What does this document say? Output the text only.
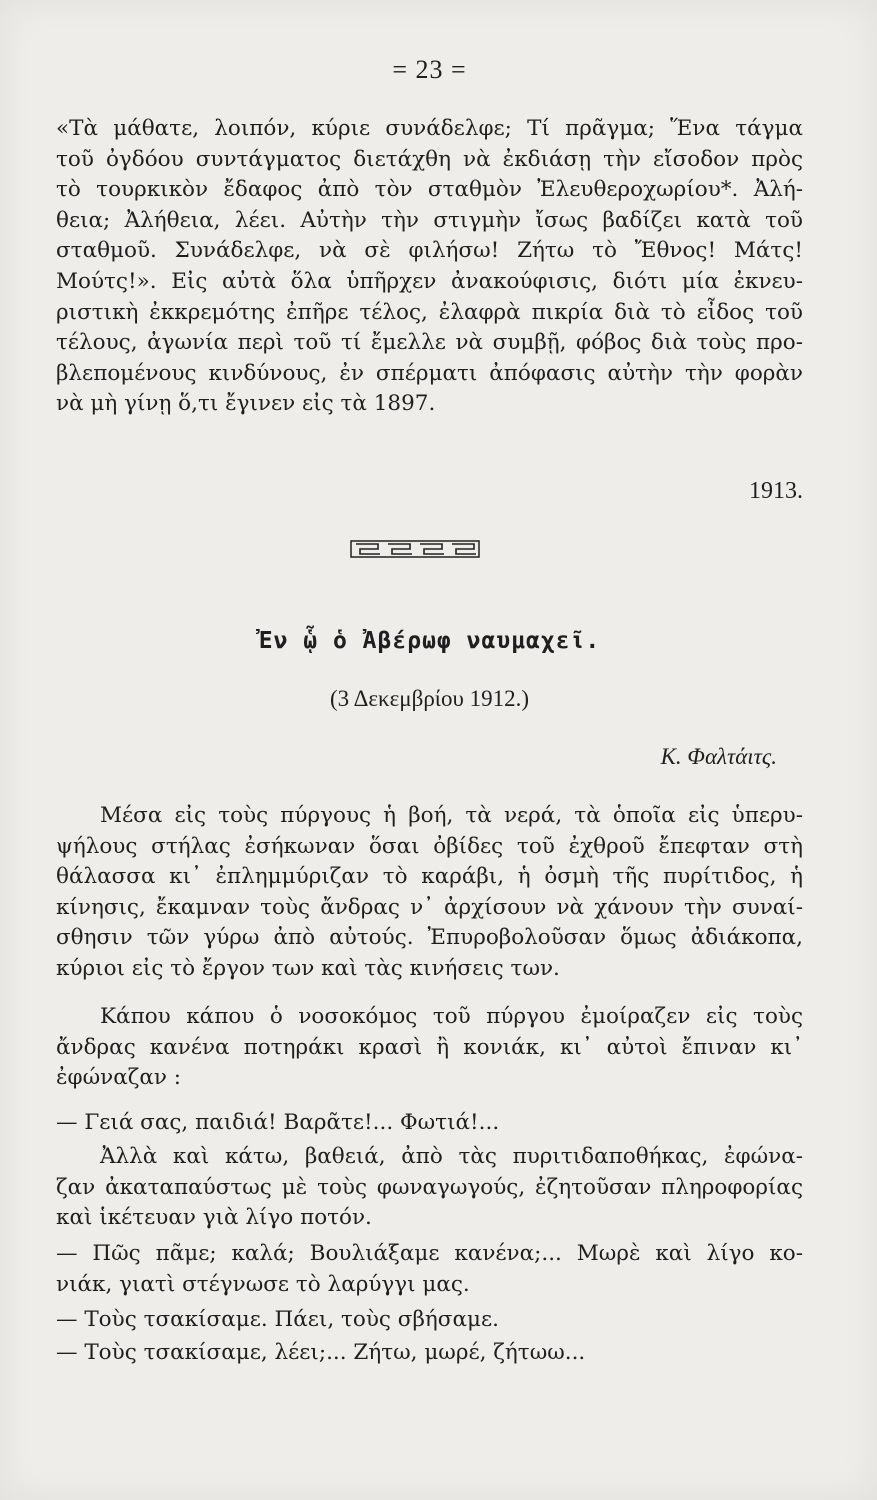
= 23 =
«Τὰ μάθατε, λοιπόν, κύριε συνάδελφε; Τί πρᾶγμα; Ἕνα τάγμα
τοῦ ὀγδόου συντάγματος διετάχθη νὰ ἐκδιάσῃ τὴν εἴσοδον πρὸς
τὸ τουρκικὸν ἔδαφος ἀπὸ τὸν σταθμὸν Ἐλευθεροχωρίου*. Ἀλή-
θεια; Ἀλήθεια, λέει. Αὐτὴν τὴν στιγμὴν ἴσως βαδίζει κατὰ τοῦ
σταθμοῦ. Συνάδελφε, νὰ σὲ φιλήσω! Ζήτω τὸ Ἔθνος! Μάτς!
Μούτς!». Εἰς αὐτὰ ὅλα ὑπῆρχεν ἀνακούφισις, διότι μία ἐκνευ-
ριστικὴ ἐκκρεμότης ἐπῆρε τέλος, ἐλαφρὰ πικρία διὰ τὸ εἶδος τοῦ
τέλους, ἀγωνία περὶ τοῦ τί ἔμελλε νὰ συμβῇ, φόβος διὰ τοὺς προ-
βλεπομένους κινδύνους, ἐν σπέρματι ἀπόφασις αὐτὴν τὴν φορὰν
νὰ μὴ γίνῃ ὅ,τι ἔγινεν εἰς τὰ 1897.
1913.
Ἐν ᾧ ὁ Ἀβέρωφ ναυμαχεῖ.
(3 Δεκεμβρίου 1912.)
Κ. Φαλτάιτς.
Μέσα εἰς τοὺς πύργους ἡ βοή, τὰ νερά, τὰ ὁποῖα εἰς ὑπερυ-
ψήλους στήλας ἐσήκωναν ὅσαι ὀβίδες τοῦ ἐχθροῦ ἔπεφταν στὴ
θάλασσα κι᾽ ἐπλημμύριζαν τὸ καράβι, ἡ ὀσμὴ τῆς πυρίτιδος, ἡ
κίνησις, ἔκαμναν τοὺς ἄνδρας ν᾽ ἀρχίσουν νὰ χάνουν τὴν συναί-
σθησιν τῶν γύρω ἀπὸ αὐτούς. Ἐπυροβολοῦσαν ὅμως ἀδιάκοπα,
κύριοι εἰς τὸ ἔργον των καὶ τὰς κινήσεις των.
Κάπου κάπου ὁ νοσοκόμος τοῦ πύργου ἐμοίραζεν εἰς τοὺς
ἄνδρας κανένα ποτηράκι κρασὶ ἢ κονιάκ, κι᾽ αὐτοὶ ἔπιναν κι᾽
ἐφώναζαν :
— Γειά σας, παιδιά! Βαρᾶτε!... Φωτιά!...
Ἀλλὰ καὶ κάτω, βαθειά, ἀπὸ τὰς πυριτιδαποθήκας, ἐφώνα-
ζαν ἀκαταπαύστως μὲ τοὺς φωναγωγούς, ἐζητοῦσαν πληροφορίας
καὶ ἱκέτευαν γιὰ λίγο ποτόν.
— Πῶς πᾶμε; καλά; Βουλιάξαμε κανένα;... Μωρὲ καὶ λίγο κο-
νιάκ, γιατὶ στέγνωσε τὸ λαρύγγι μας.
— Τοὺς τσακίσαμε. Πάει, τοὺς σβήσαμε.
— Τοὺς τσακίσαμε, λέει;... Ζήτω, μωρέ, ζήτωω...
